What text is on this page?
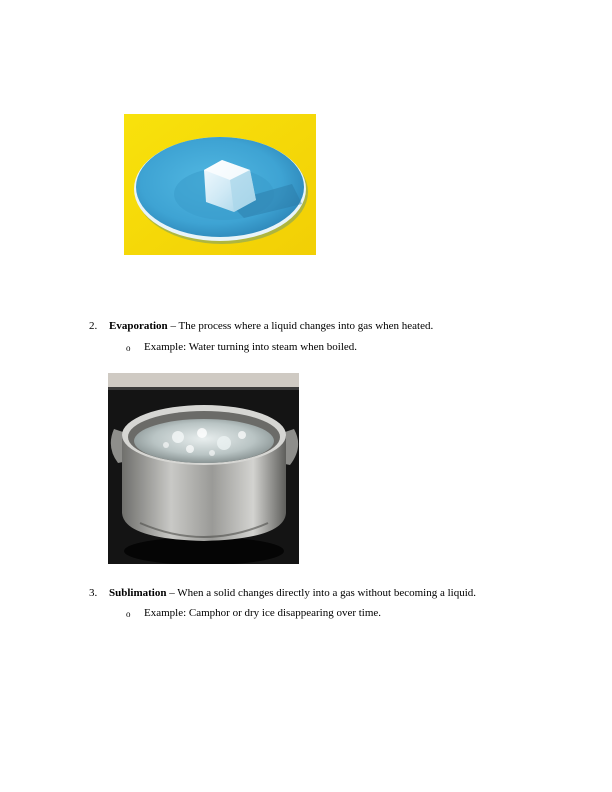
2. Evaporation – The process where a liquid changes into gas when heated.
o Example: Water turning into steam when boiled.
3. Sublimation – When a solid changes directly into a gas without becoming a liquid.
o Example: Camphor or dry ice disappearing over time.
